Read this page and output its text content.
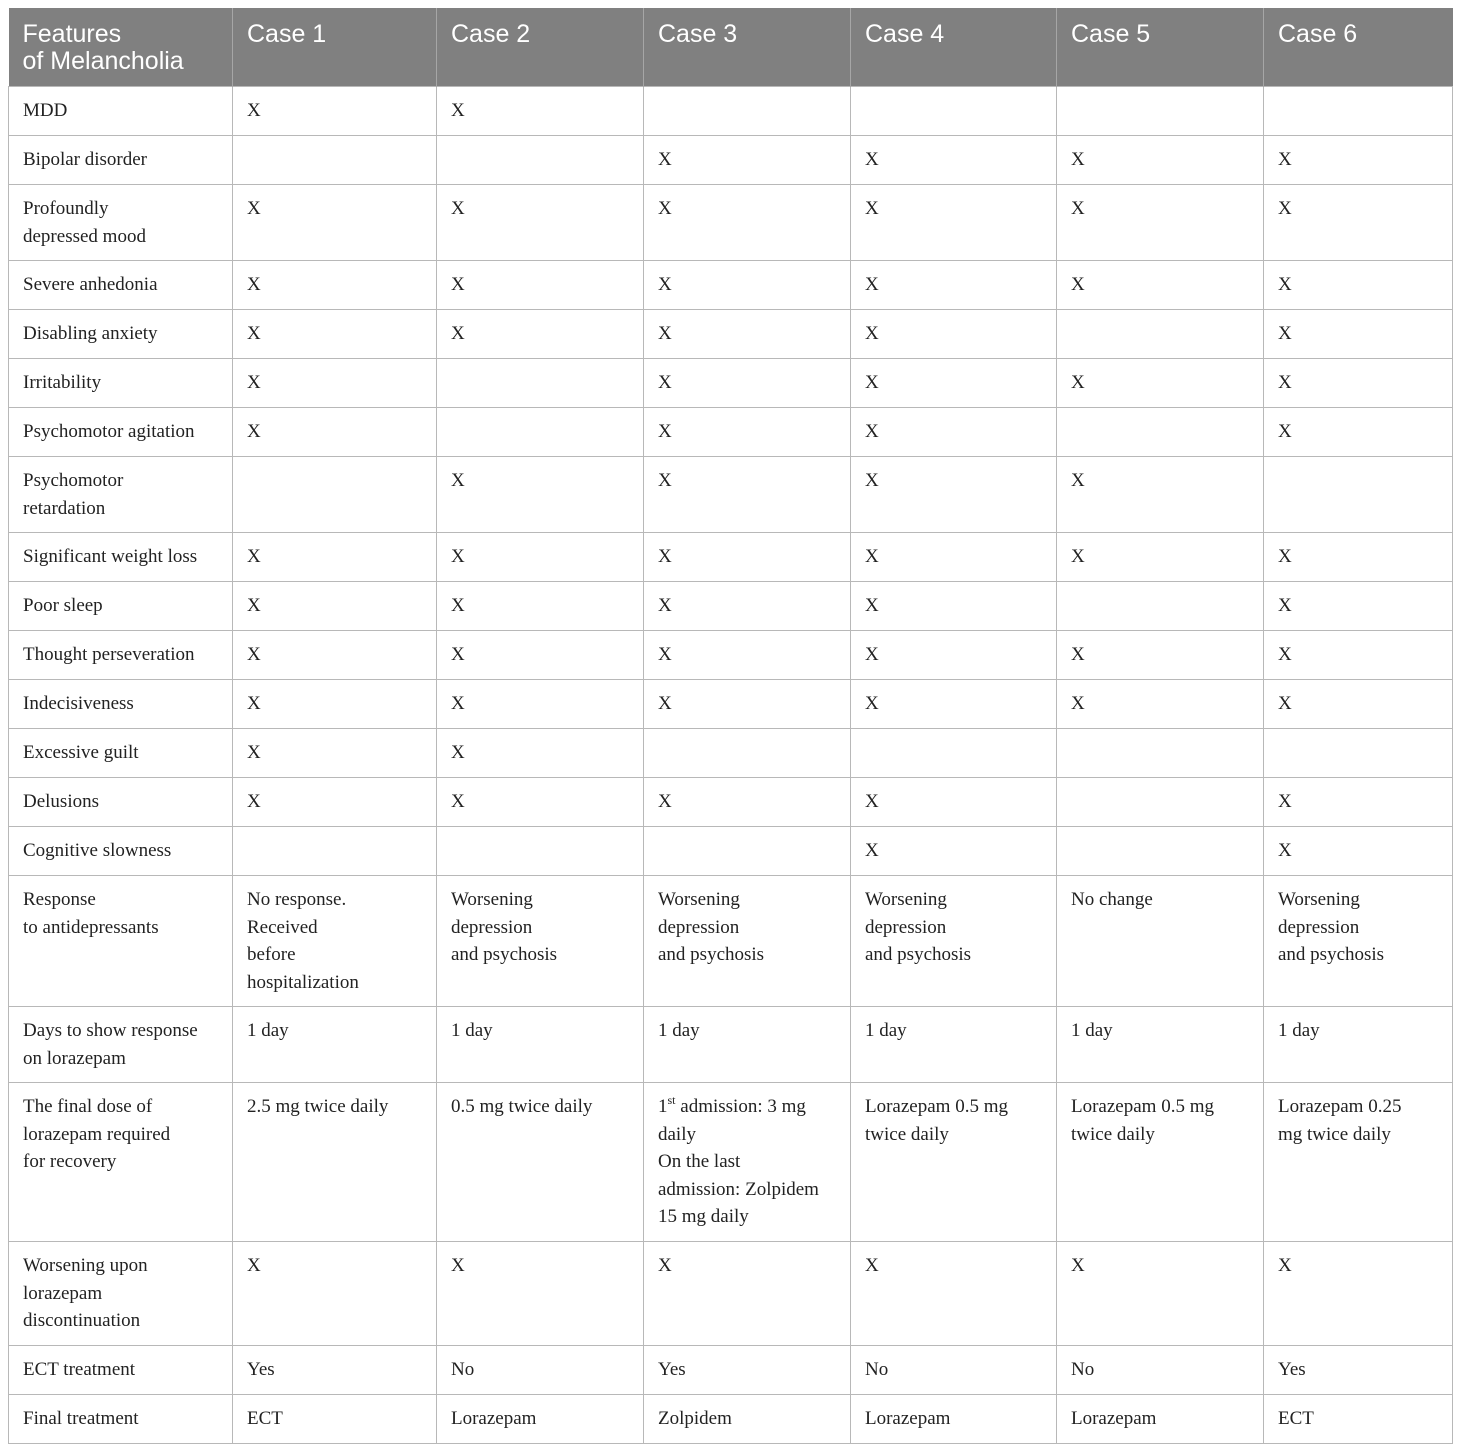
Features
of Melancholia	Case 1	Case 2	Case 3	Case 4	Case 5	Case 6
MDD	X	X				
Bipolar disorder			X	X	X	X
Profoundly
depressed mood	X	X	X	X	X	X
Severe anhedonia	X	X	X	X	X	X
Disabling anxiety	X	X	X	X		X
Irritability	X		X	X	X	X
Psychomotor agitation	X		X	X		X
Psychomotor
retardation		X	X	X	X	
Significant weight loss	X	X	X	X	X	X
Poor sleep	X	X	X	X		X
Thought perseveration	X	X	X	X	X	X
Indecisiveness	X	X	X	X	X	X
Excessive guilt	X	X				
Delusions	X	X	X	X		X
Cognitive slowness				X		X
Response
to antidepressants	No response.
Received
before
hospitalization	Worsening
depression
and psychosis	Worsening
depression
and psychosis	Worsening
depression
and psychosis	No change	Worsening
depression
and psychosis
Days to show response
on lorazepam	1 day	1 day	1 day	1 day	1 day	1 day
The final dose of
lorazepam required
for recovery	2.5 mg twice daily	0.5 mg twice daily	1st admission: 3 mg
daily
On the last
admission: Zolpidem
15 mg daily	Lorazepam 0.5 mg
twice daily	Lorazepam 0.5 mg
twice daily	Lorazepam 0.25
mg twice daily
Worsening upon
lorazepam
discontinuation	X	X	X	X	X	X
ECT treatment	Yes	No	Yes	No	No	Yes
Final treatment	ECT	Lorazepam	Zolpidem	Lorazepam	Lorazepam	ECT
